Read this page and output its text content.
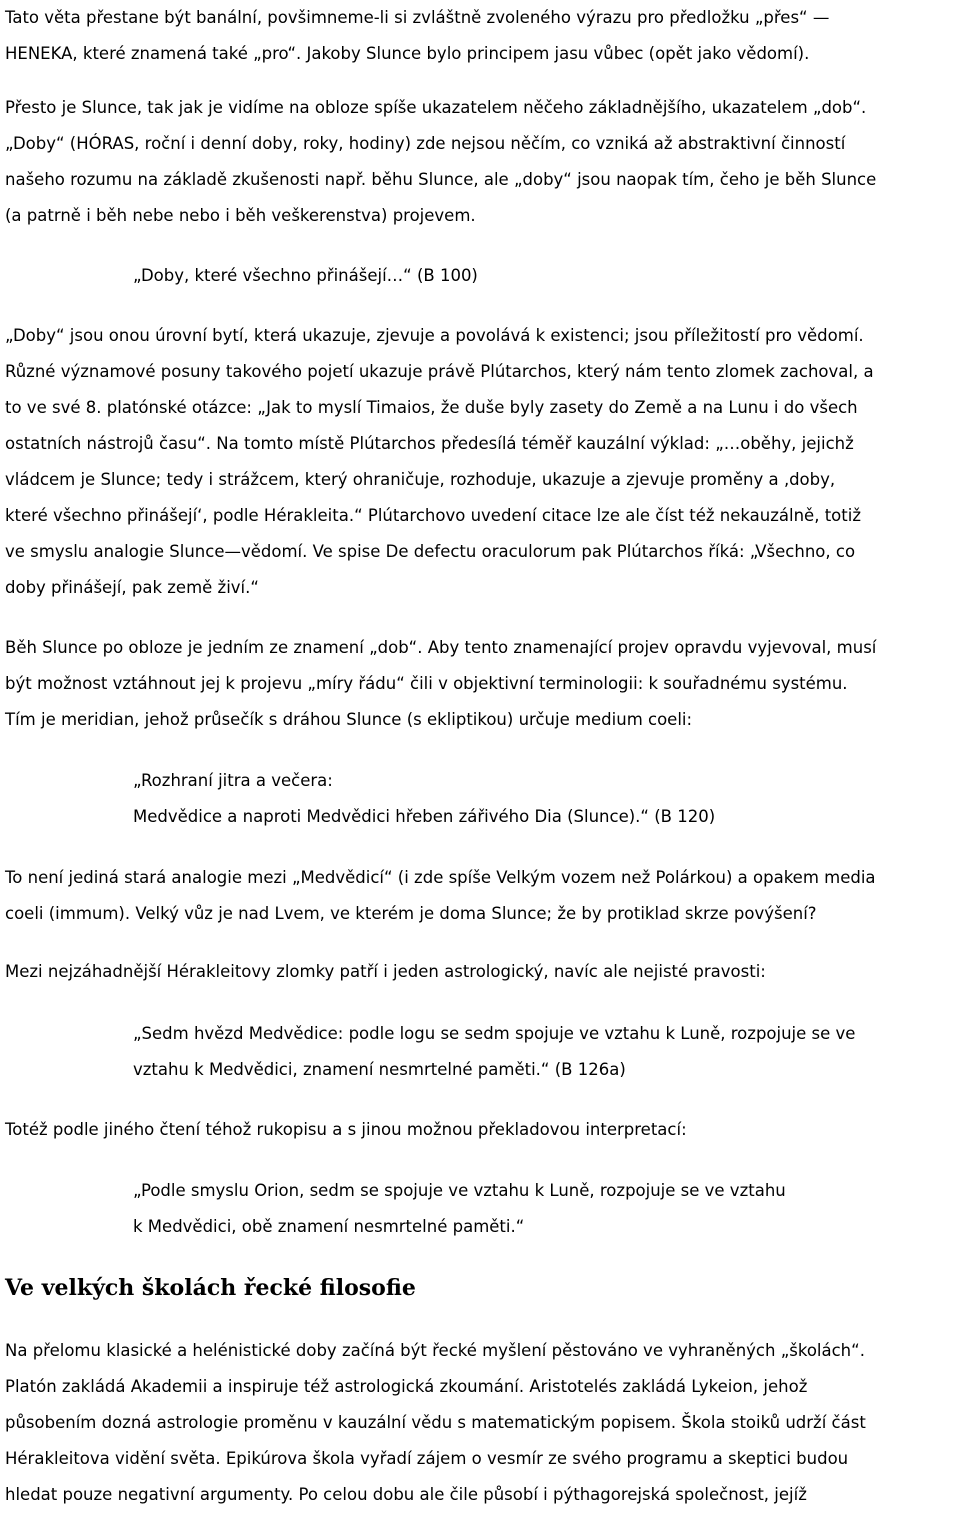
Tato věta přestane být banální, povšimneme-li si zvláštně zvoleného výrazu pro předložku „přes“ —
HENEKA, které znamená také „pro“. Jakoby Slunce bylo principem jasu vůbec (opět jako vědomí).
Přesto je Slunce, tak jak je vidíme na obloze spíše ukazatelem něčeho základnějšího, ukazatelem „dob“.
„Doby“ (HÓRAS, roční i denní doby, roky, hodiny) zde nejsou něčím, co vzniká až abstraktivní činností
našeho rozumu na základě zkušenosti např. běhu Slunce, ale „doby“ jsou naopak tím, čeho je běh Slunce
(a patrně i běh nebe nebo i běh veškerenstva) projevem.
„Doby, které všechno přinášejí…“ (B 100)
„Doby“ jsou onou úrovní bytí, která ukazuje, zjevuje a povolává k existenci; jsou příležitostí pro vědomí.
Různé významové posuny takového pojetí ukazuje právě Plútarchos, který nám tento zlomek zachoval, a
to ve své 8. platónské otázce: „Jak to myslí Timaios, že duše byly zasety do Země a na Lunu i do všech
ostatních nástrojů času“. Na tomto místě Plútarchos předesílá téměř kauzální výklad: „…oběhy, jejichž
vládcem je Slunce; tedy i strážcem, který ohraničuje, rozhoduje, ukazuje a zjevuje proměny a ‚doby,
které všechno přinášejí‘, podle Hérakleita.“ Plútarchovo uvedení citace lze ale číst též nekauzálně, totiž
ve smyslu analogie Slunce—vědomí. Ve spise De defectu oraculorum pak Plútarchos říká: „Všechno, co
doby přinášejí, pak země živí.“
Běh Slunce po obloze je jedním ze znamení „dob“. Aby tento znamenající projev opravdu vyjevoval, musí
být možnost vztáhnout jej k projevu „míry řádu“ čili v objektivní terminologii: k souřadnému systému.
Tím je meridian, jehož průsečík s dráhou Slunce (s ekliptikou) určuje medium coeli:
„Rozhraní jitra a večera:
Medvědice a naproti Medvědici hřeben zářivého Dia (Slunce).“ (B 120)
To není jediná stará analogie mezi „Medvědicí“ (i zde spíše Velkým vozem než Polárkou) a opakem media
coeli (immum). Velký vůz je nad Lvem, ve kterém je doma Slunce; že by protiklad skrze povýšení?
Mezi nejzáhadnější Hérakleitovy zlomky patří i jeden astrologický, navíc ale nejisté pravosti:
„Sedm hvězd Medvědice: podle logu se sedm spojuje ve vztahu k Luně, rozpojuje se ve
vztahu k Medvědici, znamení nesmrtelné paměti.“ (B 126a)
Totéž podle jiného čtení téhož rukopisu a s jinou možnou překladovou interpretací:
„Podle smyslu Orion, sedm se spojuje ve vztahu k Luně, rozpojuje se ve vztahu
k Medvědici, obě znamení nesmrtelné paměti.“
Ve velkých školách řecké filosofie
Na přelomu klasické a helénistické doby začíná být řecké myšlení pěstováno ve vyhraněných „školách“.
Platón zakládá Akademii a inspiruje též astrologická zkoumání. Aristotelés zakládá Lykeion, jehož
působením dozná astrologie proměnu v kauzální vědu s matematickým popisem. Škola stoiků udrží část
Hérakleitova vidění světa. Epikúrova škola vyřadí zájem o vesmír ze svého programu a skeptici budou
hledat pouze negativní argumenty. Po celou dobu ale čile působí i pýthagorejská společnost, jejíž
